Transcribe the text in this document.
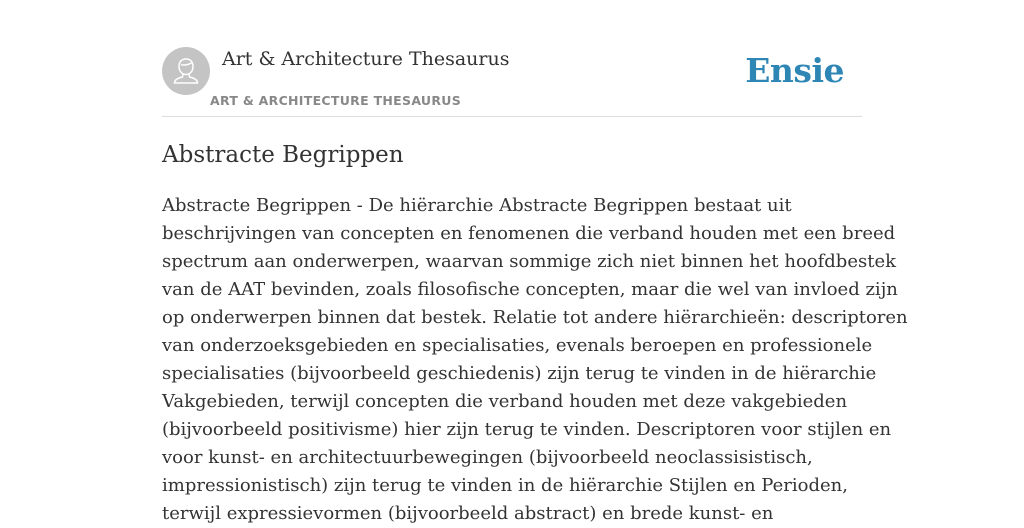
Art & Architecture Thesaurus
ART & ARCHITECTURE THESAURUS
Ensie
Abstracte Begrippen

Abstracte Begrippen - De hiërarchie Abstracte Begrippen bestaat uit
beschrijvingen van concepten en fenomenen die verband houden met een breed
spectrum aan onderwerpen, waarvan sommige zich niet binnen het hoofdbestek
van de AAT bevinden, zoals filosofische concepten, maar die wel van invloed zijn
op onderwerpen binnen dat bestek. Relatie tot andere hiërarchieën: descriptoren
van onderzoeksgebieden en specialisaties, evenals beroepen en professionele
specialisaties (bijvoorbeeld geschiedenis) zijn terug te vinden in de hiërarchie
Vakgebieden, terwijl concepten die verband houden met deze vakgebieden
(bijvoorbeeld positivisme) hier zijn terug te vinden. Descriptoren voor stijlen en
voor kunst- en architectuurbewegingen (bijvoorbeeld neoclassisistisch,
impressionistisch) zijn terug te vinden in de hiërarchie Stijlen en Perioden,
terwijl expressievormen (bijvoorbeeld abstract) en brede kunst- en
